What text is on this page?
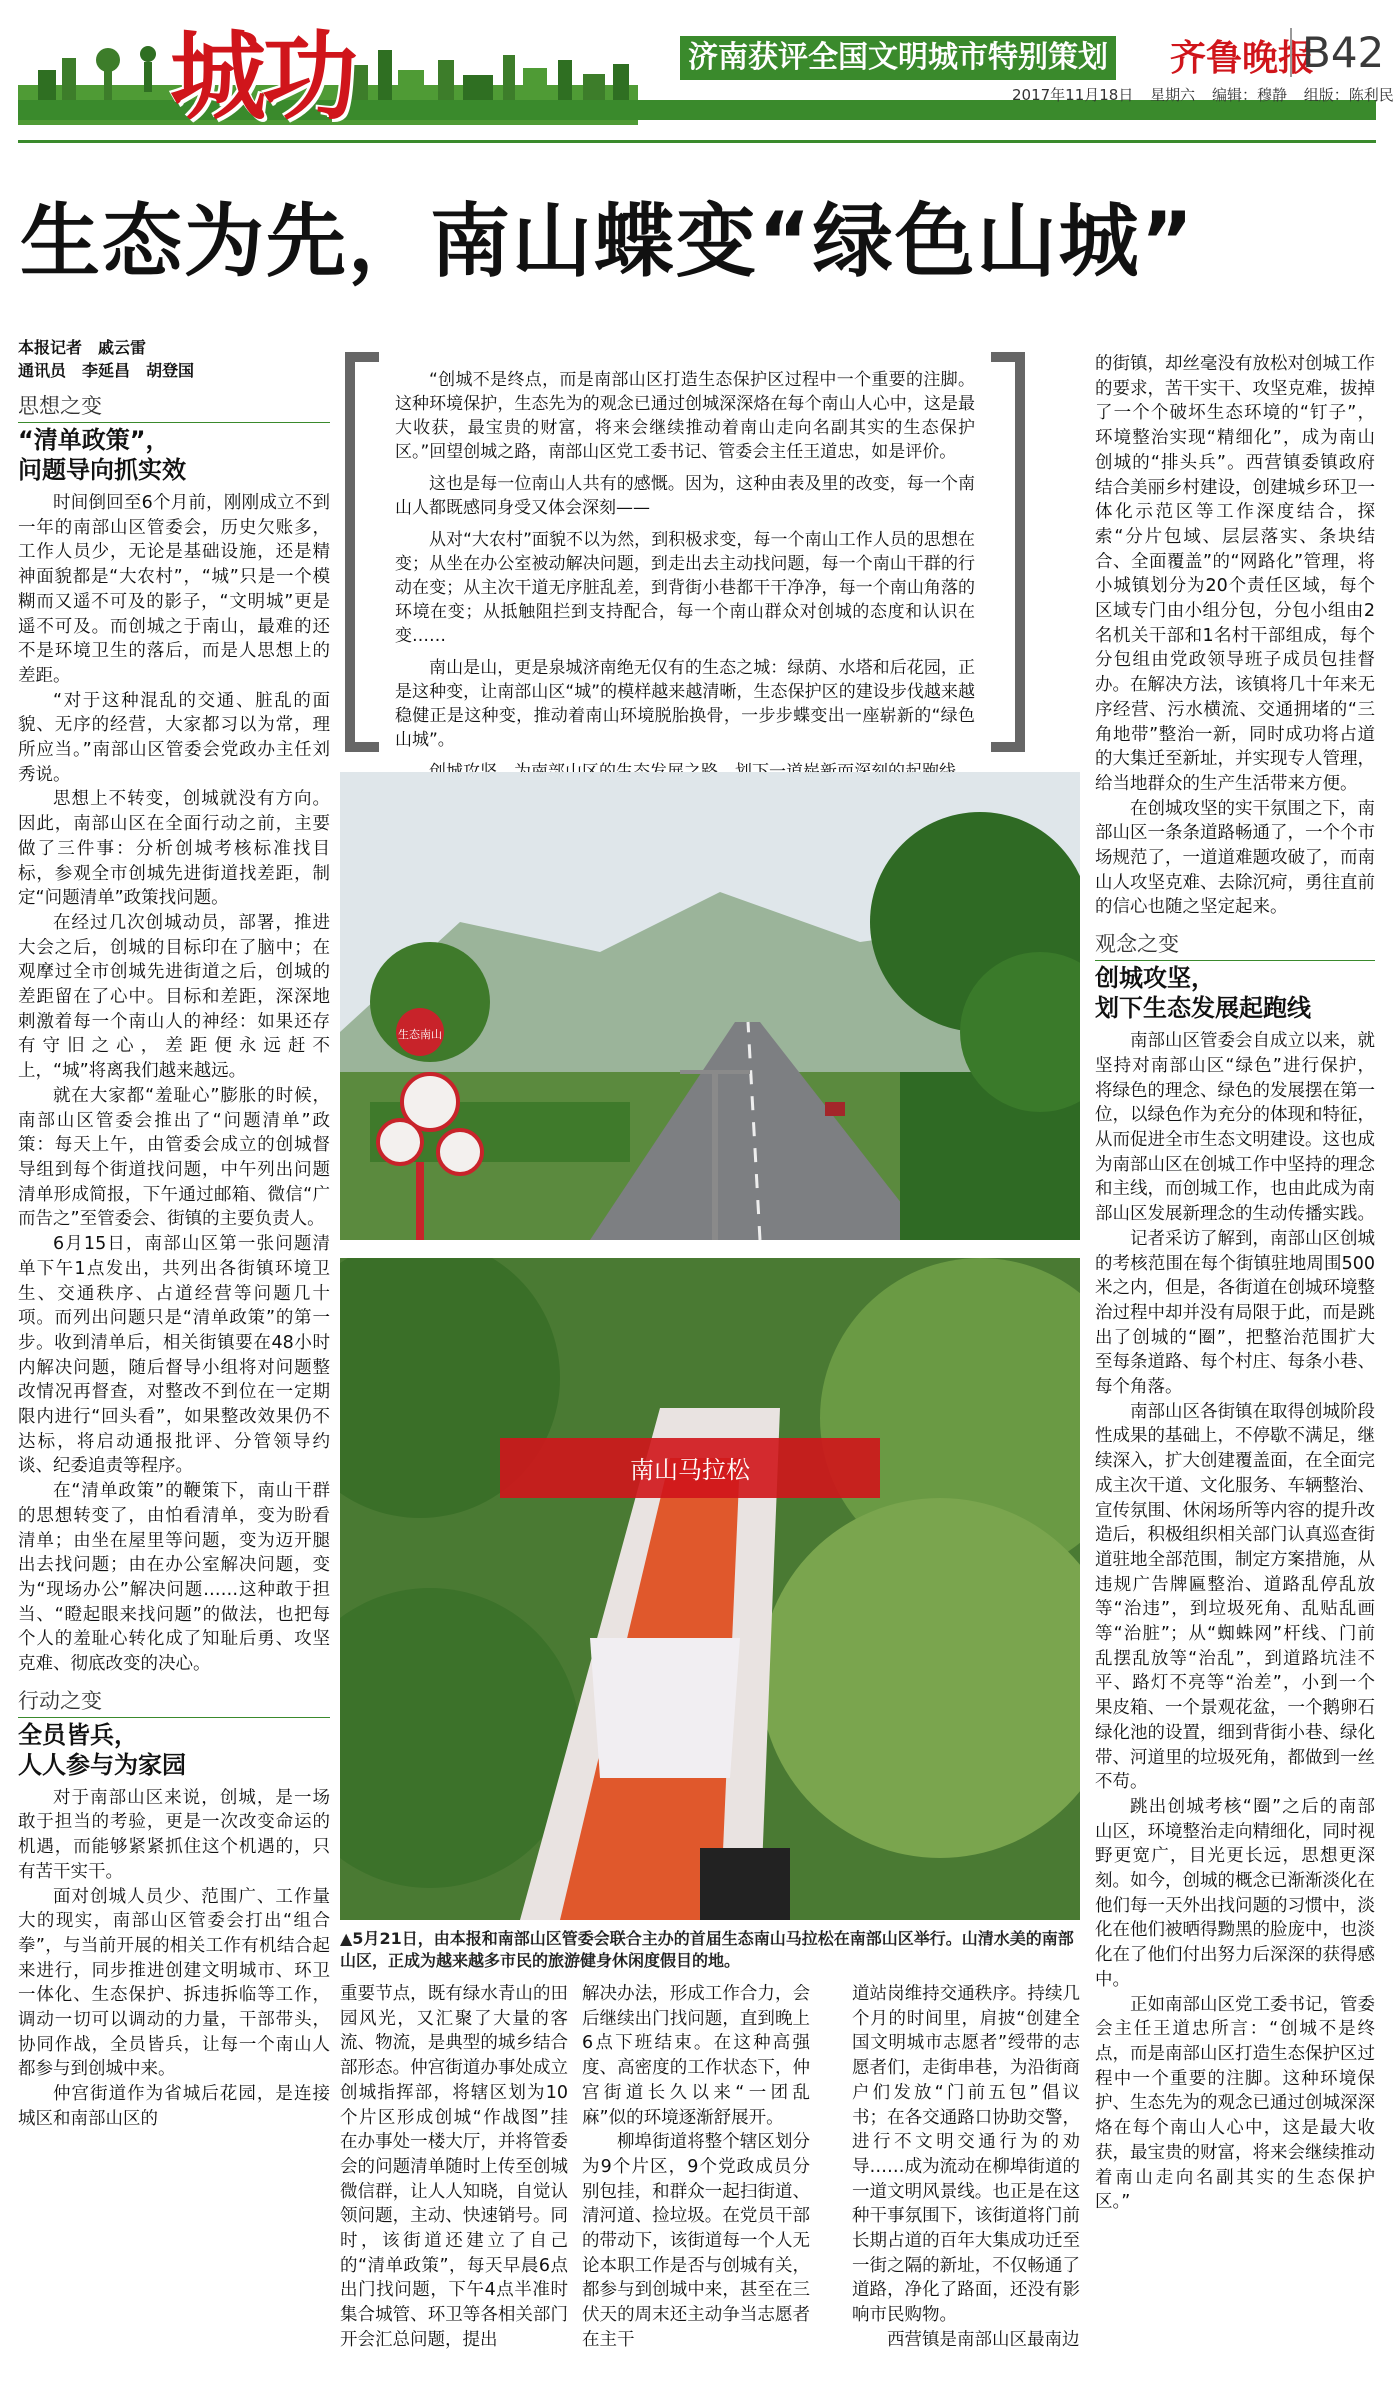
城功	济南获评全国文明城市特别策划 齐鲁晚报
B42
2017年11月18日 星期六 编辑：穆静 组版：陈利民
生态为先，南山蝶变“绿色山城”

本报记者　戚云雷

通讯员　李延昌　胡登国

思想之变
“清单政策”，
问题导向抓实效

时间倒回至6个月前，刚刚成立不到一年的南部山区管委会，历史欠账多，工作人员少，无论是基础设施，还是精神面貌都是“大农村”，“城”只是一个模糊而又遥不可及的影子，“文明城”更是遥不可及。而创城之于南山，最难的还不是环境卫生的落后，而是人思想上的差距。

“对于这种混乱的交通、脏乱的面貌、无序的经营，大家都习以为常，理所应当。”南部山区管委会党政办主任刘秀说。

思想上不转变，创城就没有方向。因此，南部山区在全面行动之前，主要做了三件事：分析创城考核标准找目标，参观全市创城先进街道找差距，制定“问题清单”政策找问题。

在经过几次创城动员，部署，推进大会之后，创城的目标印在了脑中；在观摩过全市创城先进街道之后，创城的差距留在了心中。目标和差距，深深地刺激着每一个南山人的神经：如果还存有守旧之心，差距便永远赶不上，“城”将离我们越来越远。

就在大家都“羞耻心”膨胀的时候，南部山区管委会推出了“问题清单”政策：每天上午，由管委会成立的创城督导组到每个街道找问题，中午列出问题清单形成简报，下午通过邮箱、微信“广而告之”至管委会、街镇的主要负责人。

6月15日，南部山区第一张问题清单下午1点发出，共列出各街镇环境卫生、交通秩序、占道经营等问题几十项。而列出问题只是“清单政策”的第一步。收到清单后，相关街镇要在48小时内解决问题，随后督导小组将对问题整改情况再督查，对整改不到位在一定期限内进行“回头看”，如果整改效果仍不达标，将启动通报批评、分管领导约谈、纪委追责等程序。

在“清单政策”的鞭策下，南山干群的思想转变了，由怕看清单，变为盼看清单；由坐在屋里等问题，变为迈开腿出去找问题；由在办公室解决问题，变为“现场办公”解决问题……这种敢于担当、“瞪起眼来找问题”的做法，也把每个人的羞耻心转化成了知耻后勇、攻坚克难、彻底改变的决心。

行动之变
全员皆兵，
人人参与为家园

对于南部山区来说，创城，是一场敢于担当的考验，更是一次改变命运的机遇，而能够紧紧抓住这个机遇的，只有苦干实干。

面对创城人员少、范围广、工作量大的现实，南部山区管委会打出“组合拳”，与当前开展的相关工作有机结合起来进行，同步推进创建文明城市、环卫一体化、生态保护、拆违拆临等工作，调动一切可以调动的力量，干部带头，协同作战，全员皆兵，让每一个南山人都参与到创城中来。

仲宫街道作为省城后花园，是连接城区和南部山区的

“创城不是终点，而是南部山区打造生态保护区过程中一个重要的注脚。这种环境保护，生态先为的观念已通过创城深深烙在每个南山人心中，这是最大收获，最宝贵的财富，将来会继续推动着南山走向名副其实的生态保护区。”回望创城之路，南部山区党工委书记、管委会主任王道忠，如是评价。

这也是每一位南山人共有的感慨。因为，这种由表及里的改变，每一个南山人都既感同身受又体会深刻——

从对“大农村”面貌不以为然，到积极求变，每一个南山工作人员的思想在变；从坐在办公室被动解决问题，到走出去主动找问题，每一个南山干群的行动在变；从主次干道无序脏乱差，到背街小巷都干干净净，每一个南山角落的环境在变；从抵触阻拦到支持配合，每一个南山群众对创城的态度和认识在变……

南山是山，更是泉城济南绝无仅有的生态之城：绿荫、水塔和后花园，正是这种变，让南部山区“城”的模样越来越清晰，生态保护区的建设步伐越来越稳健正是这种变，推动着南山环境脱胎换骨，一步步蝶变出一座崭新的“绿色山城”。

生态南山
南山马拉松
▲5月21日，由本报和南部山区管委会联合主办的首届生态南山马拉松在南部山区举行。山清水美的南部山区，正成为越来越多市民的旅游健身休闲度假目的地。

重要节点，既有绿水青山的田园风光，又汇聚了大量的客流、物流，是典型的城乡结合部形态。仲宫街道办事处成立创城指挥部，将辖区划为10个片区形成创城“作战图”挂在办事处一楼大厅，并将管委会的问题清单随时上传至创城微信群，让人人知晓，自觉认领问题，主动、快速销号。同时，该街道还建立了自己的“清单政策”，每天早晨6点出门找问题，下午4点半准时集合城管、环卫等各相关部门开会汇总问题，提出

解决办法，形成工作合力，会后继续出门找问题，直到晚上6点下班结束。在这种高强度、高密度的工作状态下，仲宫街道长久以来“一团乱麻”似的环境逐渐舒展开。

柳埠街道将整个辖区划分为9个片区，9个党政成员分别包挂，和群众一起扫街道、清河道、捡垃圾。在党员干部的带动下，该街道每一个人无论本职工作是否与创城有关，都参与到创城中来，甚至在三伏天的周末还主动争当志愿者在主干

道站岗维持交通秩序。持续几个月的时间里，肩披“创建全国文明城市志愿者”绶带的志愿者们，走街串巷，为沿街商户们发放“门前五包”倡议书；在各交通路口协助交警，进行不文明交通行为的劝导……成为流动在柳埠街道的一道文明风景线。也正是在这种干事氛围下，该街道将门前长期占道的百年大集成功迁至一街之隔的新址，不仅畅通了道路，净化了路面，还没有影响市民购物。

西营镇是南部山区最南边

的街镇，却丝毫没有放松对创城工作的要求，苦干实干、攻坚克难，拔掉了一个个破坏生态环境的“钉子”，环境整治实现“精细化”，成为南山创城的“排头兵”。西营镇委镇政府结合美丽乡村建设，创建城乡环卫一体化示范区等工作深度结合，探索“分片包域、层层落实、条块结合、全面覆盖”的“网路化”管理，将小城镇划分为20个责任区域，每个区域专门由小组分包，分包小组由2名机关干部和1名村干部组成，每个分包组由党政领导班子成员包挂督办。在解决方法，该镇将几十年来无序经营、污水横流、交通拥堵的“三角地带”整治一新，同时成功将占道的大集迁至新址，并实现专人管理，给当地群众的生产生活带来方便。

在创城攻坚的实干氛围之下，南部山区一条条道路畅通了，一个个市场规范了，一道道难题攻破了，而南山人攻坚克难、去除沉疴，勇往直前的信心也随之坚定起来。

观念之变
创城攻坚，
划下生态发展起跑线

南部山区管委会自成立以来，就坚持对南部山区“绿色”进行保护，将绿色的理念、绿色的发展摆在第一位，以绿色作为充分的体现和特征，从而促进全市生态文明建设。这也成为南部山区在创城工作中坚持的理念和主线，而创城工作，也由此成为南部山区发展新理念的生动传播实践。

记者采访了解到，南部山区创城的考核范围在每个街镇驻地周围500米之内，但是，各街道在创城环境整治过程中却并没有局限于此，而是跳出了创城的“圈”，把整治范围扩大至每条道路、每个村庄、每条小巷、每个角落。

南部山区各街镇在取得创城阶段性成果的基础上，不停歇不满足，继续深入，扩大创建覆盖面，在全面完成主次干道、文化服务、车辆整治、宣传氛围、休闲场所等内容的提升改造后，积极组织相关部门认真巡查街道驻地全部范围，制定方案措施，从违规广告牌匾整治、道路乱停乱放等“治违”，到垃圾死角、乱贴乱画等“治脏”；从“蜘蛛网”杆线、门前乱摆乱放等“治乱”，到道路坑洼不平、路灯不亮等“治差”，小到一个果皮箱、一个景观花盆，一个鹅卵石绿化池的设置，细到背街小巷、绿化带、河道里的垃圾死角，都做到一丝不苟。

跳出创城考核“圈”之后的南部山区，环境整治走向精细化，同时视野更宽广，目光更长远，思想更深刻。如今，创城的概念已渐渐淡化在他们每一天外出找问题的习惯中，淡化在他们被晒得黝黑的脸庞中，也淡化在了他们付出努力后深深的获得感中。

正如南部山区党工委书记，管委会主任王道忠所言：“创城不是终点，而是南部山区打造生态保护区过程中一个重要的注脚。这种环境保护、生态先为的观念已通过创城深深烙在每个南山人心中，这是最大收获，最宝贵的财富，将来会继续推动着南山走向名副其实的生态保护区。”
